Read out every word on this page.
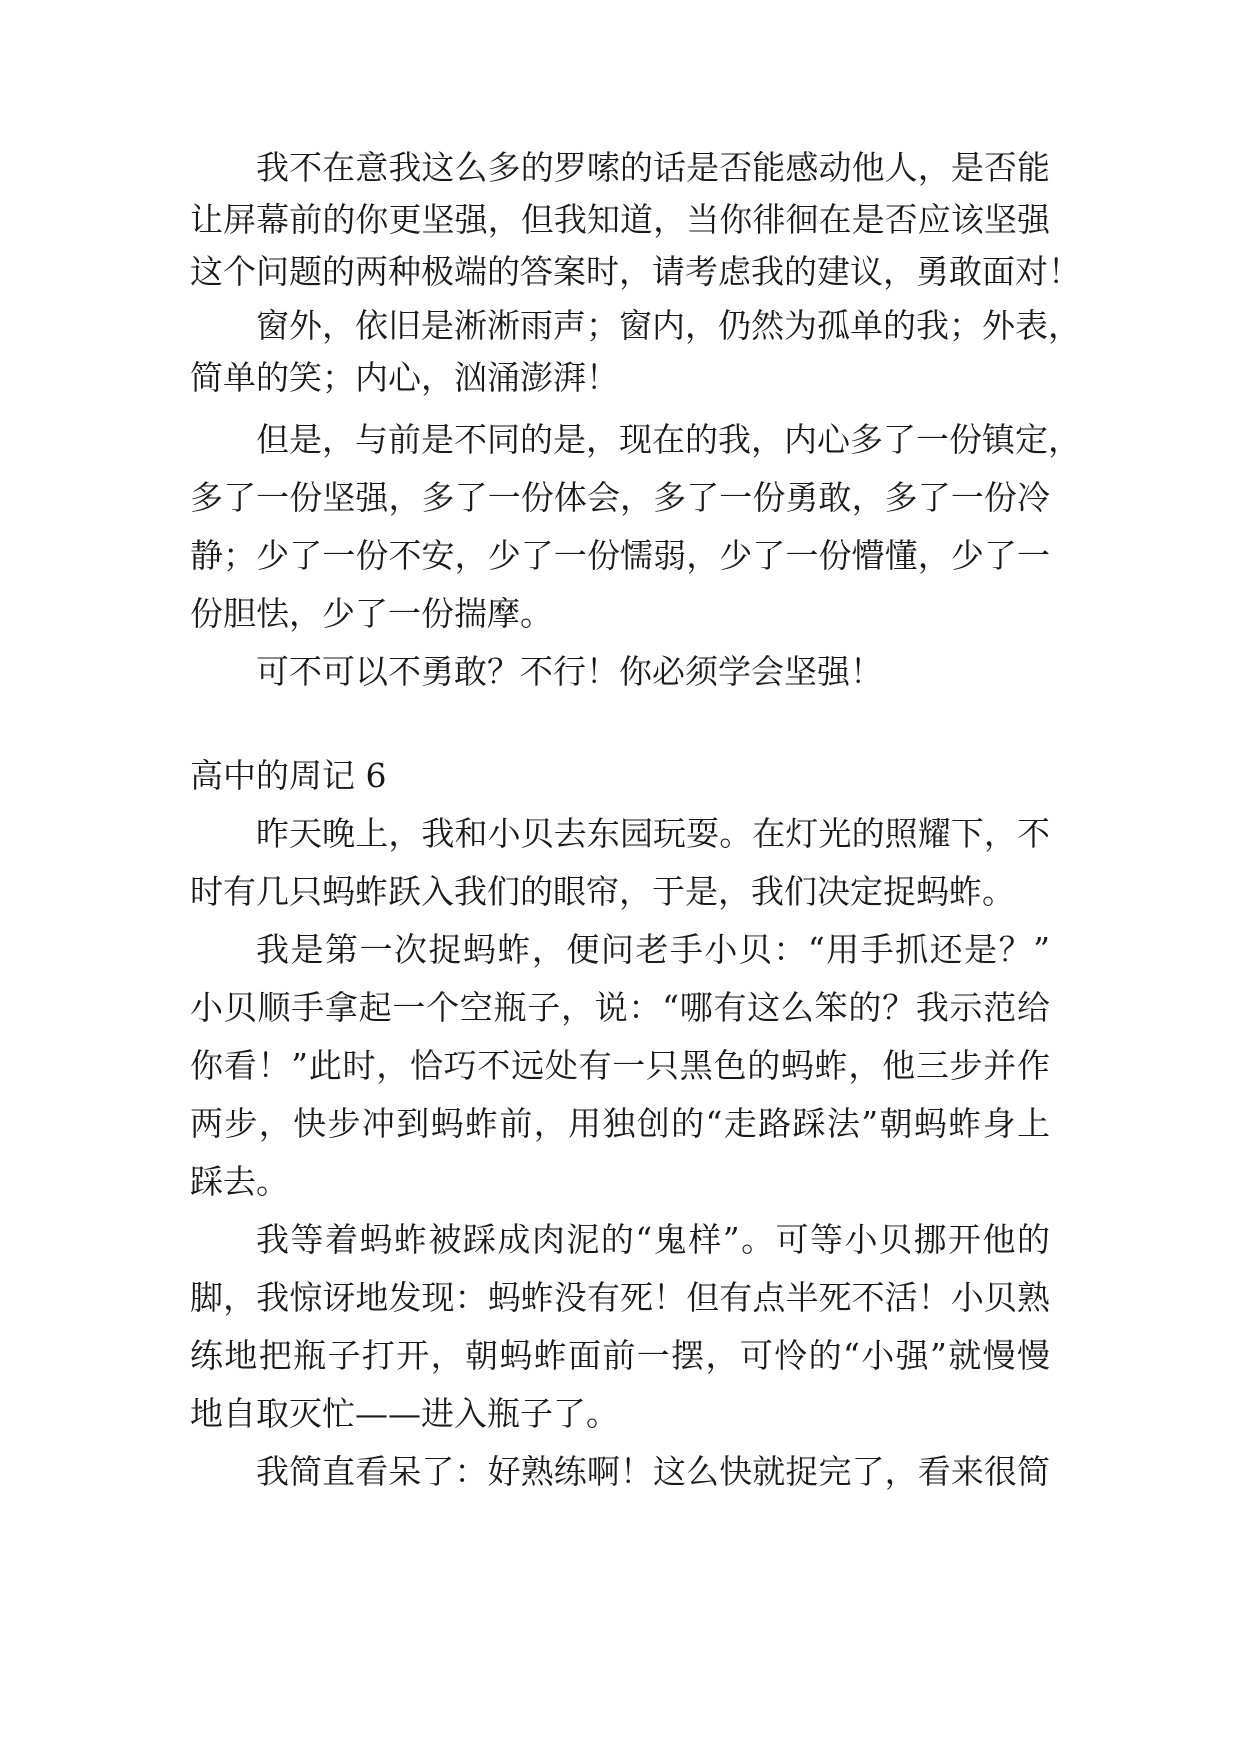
我不在意我这么多的罗嗦的话是否能感动他人，是否能
让屏幕前的你更坚强，但我知道，当你徘徊在是否应该坚强
这个问题的两种极端的答案时，请考虑我的建议，勇敢面对！
窗外，依旧是淅淅雨声；窗内，仍然为孤单的我；外表，
简单的笑；内心，汹涌澎湃！
但是，与前是不同的是，现在的我，内心多了一份镇定，
多了一份坚强，多了一份体会，多了一份勇敢，多了一份冷
静；少了一份不安，少了一份懦弱，少了一份懵懂，少了一
份胆怯，少了一份揣摩。
可不可以不勇敢？不行！你必须学会坚强！
高中的周记 6
昨天晚上，我和小贝去东园玩耍。在灯光的照耀下，不
时有几只蚂蚱跃入我们的眼帘，于是，我们决定捉蚂蚱。
我是第一次捉蚂蚱，便问老手小贝：“用手抓还是？”
小贝顺手拿起一个空瓶子，说：“哪有这么笨的？我示范给
你看！”此时，恰巧不远处有一只黑色的蚂蚱，他三步并作
两步，快步冲到蚂蚱前，用独创的“走路踩法”朝蚂蚱身上
踩去。
我等着蚂蚱被踩成肉泥的“鬼样”。可等小贝挪开他的
脚，我惊讶地发现：蚂蚱没有死！但有点半死不活！小贝熟
练地把瓶子打开，朝蚂蚱面前一摆，可怜的“小强”就慢慢
地自取灭忙——进入瓶子了。
我简直看呆了：好熟练啊！这么快就捉完了，看来很简
